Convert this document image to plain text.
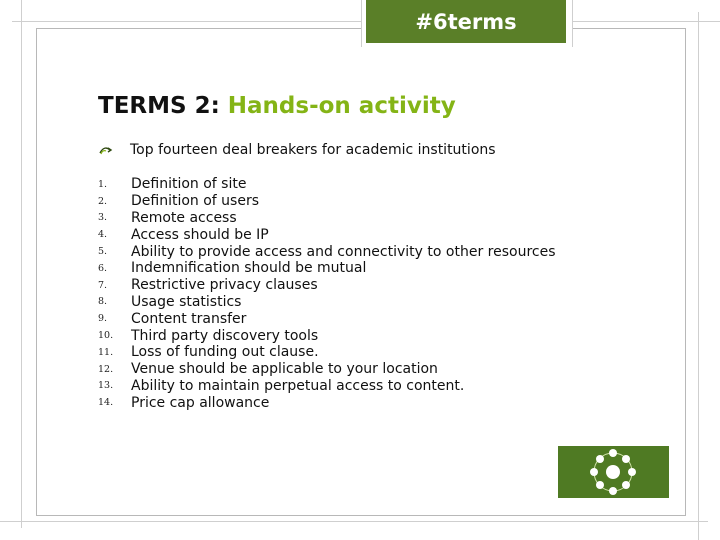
#6terms
TERMS 2: Hands-on activity
Top fourteen deal breakers for academic institutions
1.	Definition of site
2.	Definition of users
3.	Remote access
4.	Access should be IP
5.	Ability to provide access and connectivity to other resources
6.	Indemnification should be mutual
7.	Restrictive privacy clauses
8.	Usage statistics
9.	Content transfer
10.	Third party discovery tools
11.	Loss of funding out clause.
12.	Venue should be applicable to your location
13.	Ability to maintain perpetual access to content.
14.	Price cap allowance
